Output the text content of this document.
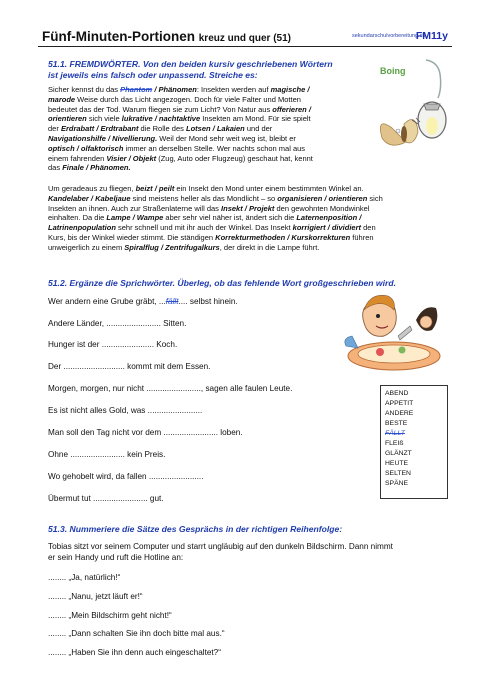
Fünf-Minuten-Portionen kreuz und quer (51)	sekundarschulvorbereitung.ch
FM11y
51.1. FREMDWÖRTER. Von den beiden kursiv geschriebenen Wörtern
ist jeweils eins falsch oder unpassend. Streiche es:	Boing
Sicher kennst du das Phantom / Phänomen: Insekten werden auf magische /
marode Weise durch das Licht angezogen. Doch für viele Falter und Motten
bedeutet das der Tod. Warum fliegen sie zum Licht? Von Natur aus offerieren /
orientieren sich viele lukrative / nachtaktive Insekten am Mond. Für sie spielt
der Erdrabatt / Erdtrabant die Rolle des Lotsen / Lakaien und der
Navigationshilfe / Nivellierung. Weil der Mond sehr weit weg ist, bleibt er
optisch / olfaktorisch immer an derselben Stelle. Wer nachts schon mal aus
einem fahrenden Visier / Objekt (Zug, Auto oder Flugzeug) geschaut hat, kennt
das Finale / Phänomen.
Um geradeaus zu fliegen, beizt / peilt ein Insekt den Mond unter einem bestimmten Winkel an.
Kandelaber / Kabeljaue sind meistens heller als das Mondlicht – so organisieren / orientieren sich
Insekten an ihnen. Auch zur Straßenlaterne will das Insekt / Projekt den gewohnten Mondwinkel
einhalten. Da die Lampe / Wampe aber sehr viel näher ist, ändert sich die Laternenposition /
Latrinenpopulation sehr schnell und mit ihr auch der Winkel. Das Insekt korrigiert / dividiert den
Kurs, bis der Winkel wieder stimmt. Die ständigen Korrekturmethoden / Kurskorrekturen führen
unweigerlich zu einem Spiralflug / Zentrifugalkurs, der direkt in die Lampe führt.
51.2. Ergänze die Sprichwörter. Überleg, ob das fehlende Wort großgeschrieben wird.
Wer andern eine Grube gräbt, ...fällt.... selbst hinein.
Andere Länder, ........................ Sitten.
Hunger ist der ....................... Koch.
Der ........................... kommt mit dem Essen.
Morgen, morgen, nur nicht ........................, sagen alle faulen Leute.
Es ist nicht alles Gold, was ........................
Man soll den Tag nicht vor dem ........................ loben.
Ohne ........................ kein Preis.
Wo gehobelt wird, da fallen ........................
Übermut tut ........................ gut.
ABEND
APPETIT
ANDERE
BESTE
FÄLLT
FLEIß
GLÄNZT
HEUTE
SELTEN
SPÄNE
51.3. Nummeriere die Sätze des Gesprächs in der richtigen Reihenfolge:
Tobias sitzt vor seinem Computer und starrt ungläubig auf den dunkeln Bildschirm. Dann nimmt
er sein Handy und ruft die Hotline an:
........ „Ja, natürlich!“
........ „Nanu, jetzt läuft er!“
........ „Mein Bildschirm geht nicht!“
........ „Dann schalten Sie ihn doch bitte mal aus.“
........ „Haben Sie ihn denn auch eingeschaltet?“
